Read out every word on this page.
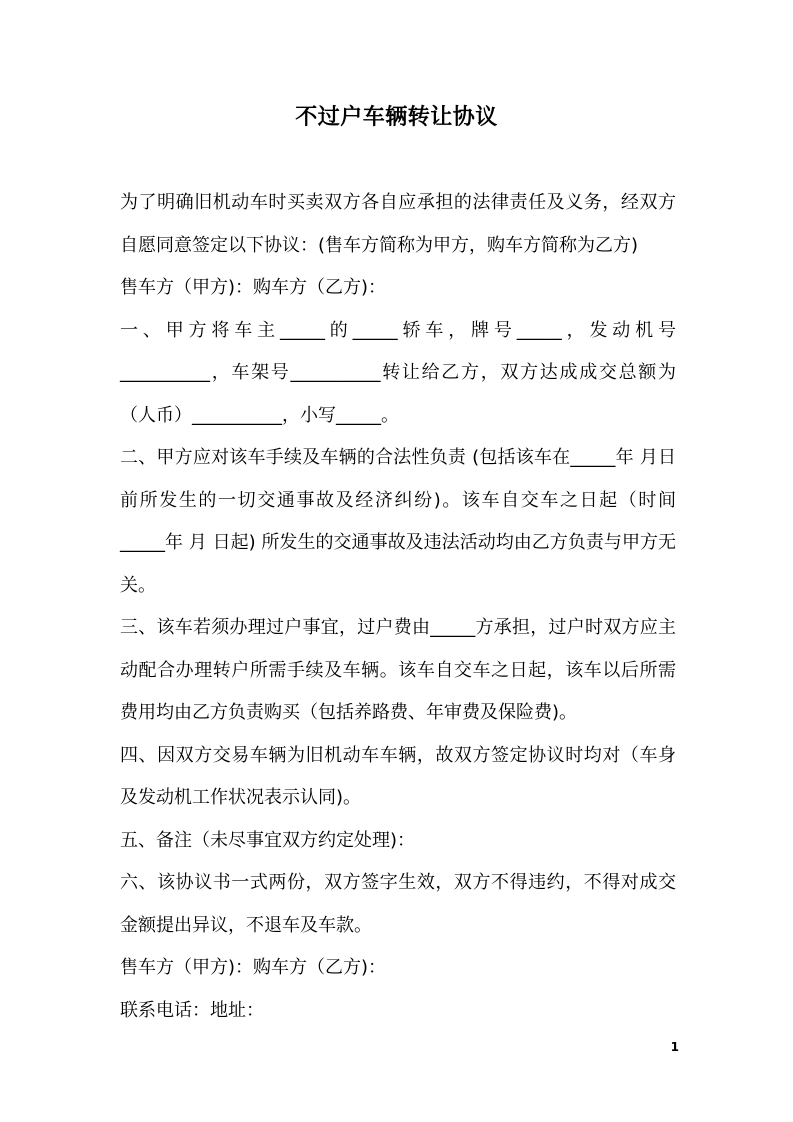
不过户车辆转让协议

为了明确旧机动车时买卖双方各自应承担的法律责任及义务，经双方自愿同意签定以下协议：(售车方简称为甲方，购车方简称为乙方)

售车方（甲方)：购车方（乙方)：

一、甲方将车主_____的_____轿车，牌号_____，发动机号__________，车架号__________转让给乙方，双方达成成交总额为（人币）__________，小写_____。

二、甲方应对该车手续及车辆的合法性负责 (包括该车在_____年 月日前所发生的一切交通事故及经济纠纷)。该车自交车之日起（时间_____年 月 日起) 所发生的交通事故及违法活动均由乙方负责与甲方无关。

三、该车若须办理过户事宜，过户费由_____方承担，过户时双方应主动配合办理转户所需手续及车辆。该车自交车之日起，该车以后所需费用均由乙方负责购买（包括养路费、年审费及保险费)。

四、因双方交易车辆为旧机动车车辆，故双方签定协议时均对（车身及发动机工作状况表示认同)。

五、备注（未尽事宜双方约定处理)：

六、该协议书一式两份，双方签字生效，双方不得违约，不得对成交金额提出异议，不退车及车款。

售车方（甲方)：购车方（乙方)：

联系电话：地址：

1
